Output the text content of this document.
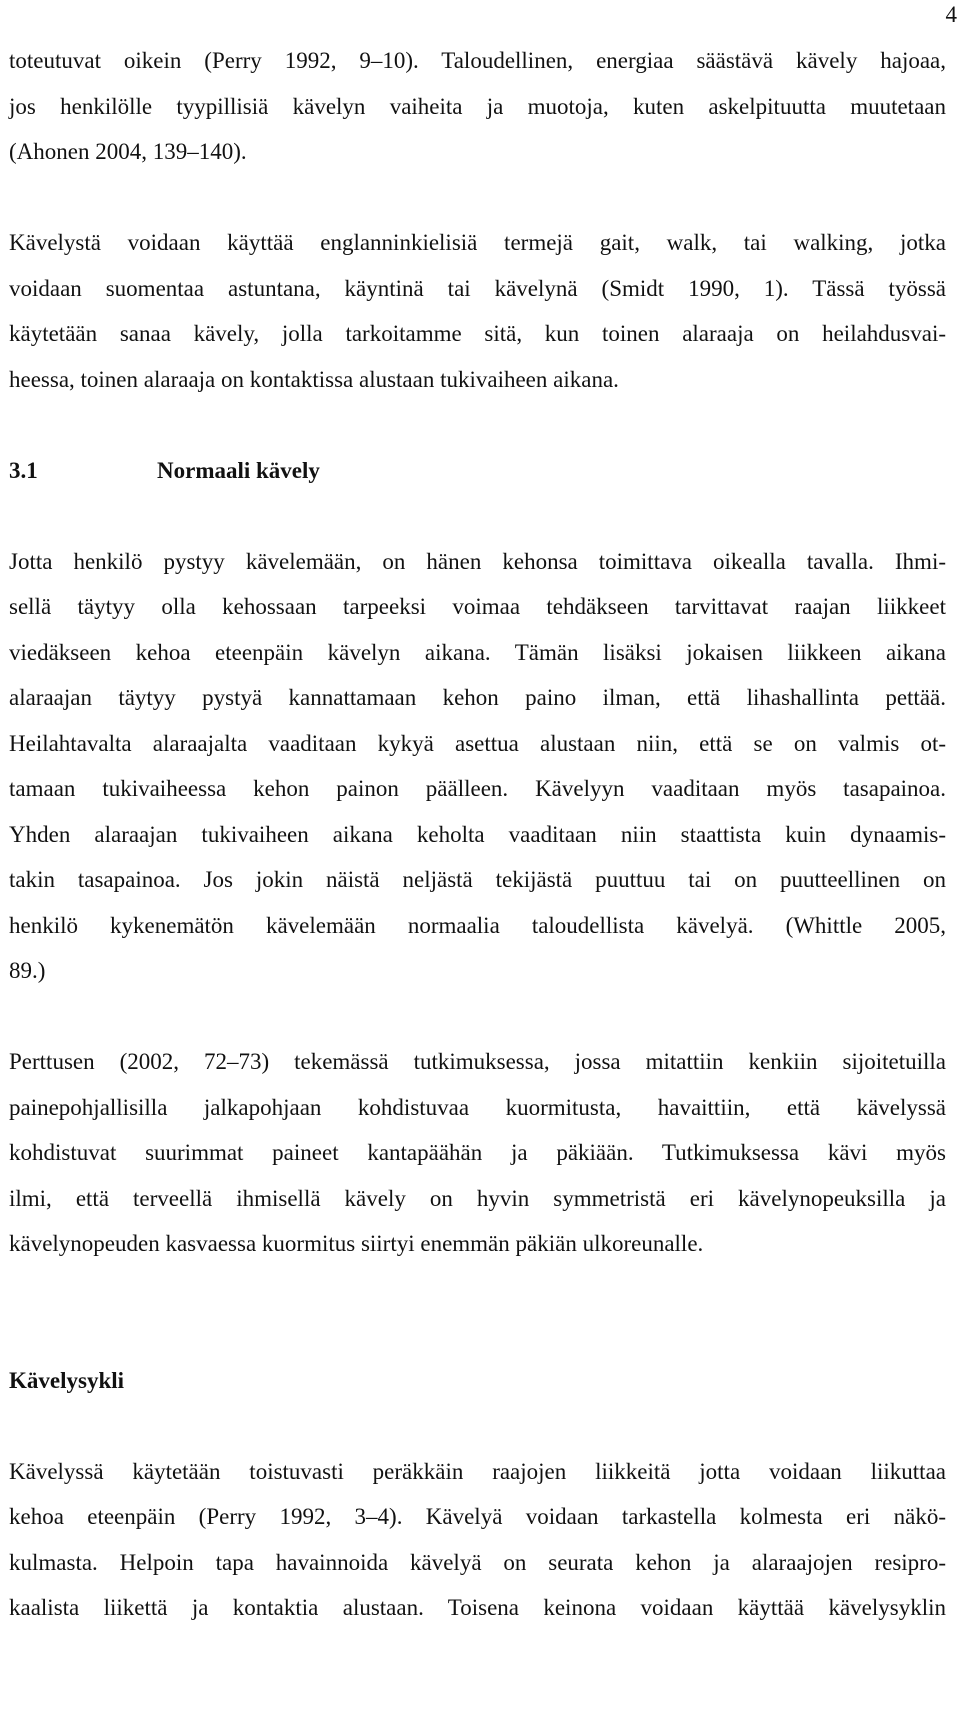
4
toteutuvat oikein (Perry 1992, 9–10). Taloudellinen, energiaa säästävä kävely hajoaa,
jos henkilölle tyypillisiä kävelyn vaiheita ja muotoja, kuten askelpituutta muutetaan
(Ahonen 2004, 139–140).
Kävelystä voidaan käyttää englanninkielisiä termejä gait, walk, tai walking, jotka
voidaan suomentaa astuntana, käyntinä tai kävelynä (Smidt 1990, 1). Tässä työssä
käytetään sanaa kävely, jolla tarkoitamme sitä, kun toinen alaraaja on heilahdusvai-
heessa, toinen alaraaja on kontaktissa alustaan tukivaiheen aikana.
3.1	Normaali kävely
Jotta henkilö pystyy kävelemään, on hänen kehonsa toimittava oikealla tavalla. Ihmi-
sellä täytyy olla kehossaan tarpeeksi voimaa tehdäkseen tarvittavat raajan liikkeet
viedäkseen kehoa eteenpäin kävelyn aikana. Tämän lisäksi jokaisen liikkeen aikana
alaraajan täytyy pystyä kannattamaan kehon paino ilman, että lihashallinta pettää.
Heilahtavalta alaraajalta vaaditaan kykyä asettua alustaan niin, että se on valmis ot-
tamaan tukivaiheessa kehon painon päälleen. Kävelyyn vaaditaan myös tasapainoa.
Yhden alaraajan tukivaiheen aikana keholta vaaditaan niin staattista kuin dynaamis-
takin tasapainoa. Jos jokin näistä neljästä tekijästä puuttuu tai on puutteellinen on
henkilö kykenemätön kävelemään normaalia taloudellista kävelyä. (Whittle 2005,
89.)
Perttusen (2002, 72–73) tekemässä tutkimuksessa, jossa mitattiin kenkiin sijoitetuilla
painepohjallisilla jalkapohjaan kohdistuvaa kuormitusta, havaittiin, että kävelyssä
kohdistuvat suurimmat paineet kantapäähän ja päkiään. Tutkimuksessa kävi myös
ilmi, että terveellä ihmisellä kävely on hyvin symmetristä eri kävelynopeuksilla ja
kävelynopeuden kasvaessa kuormitus siirtyi enemmän päkiän ulkoreunalle.
Kävelysykli
Kävelyssä käytetään toistuvasti peräkkäin raajojen liikkeitä jotta voidaan liikuttaa
kehoa eteenpäin (Perry 1992, 3–4). Kävelyä voidaan tarkastella kolmesta eri näkö-
kulmasta. Helpoin tapa havainnoida kävelyä on seurata kehon ja alaraajojen resipro-
kaalista liikettä ja kontaktia alustaan. Toisena keinona voidaan käyttää kävelysyklin
